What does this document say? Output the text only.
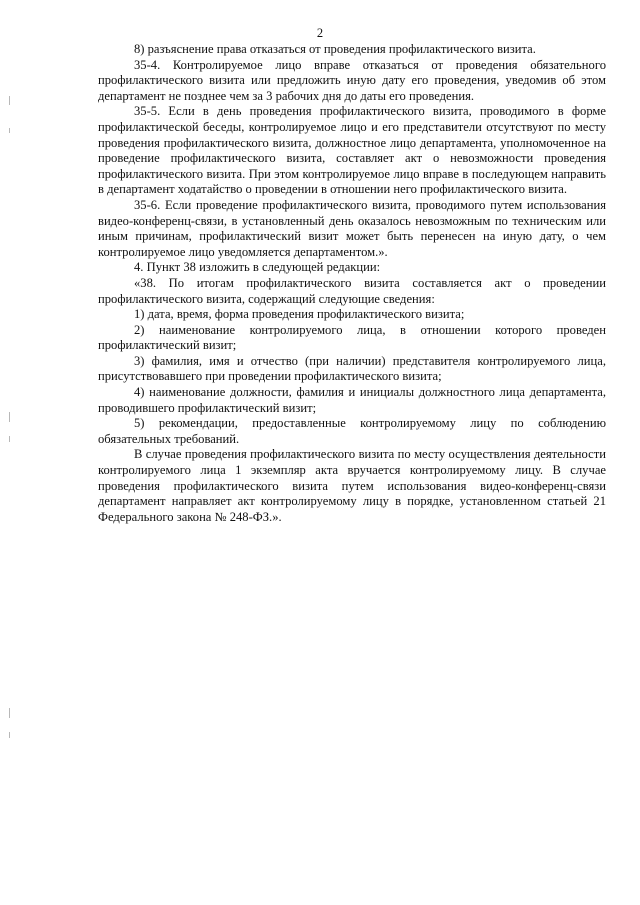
2

8) разъяснение права отказаться от проведения профилактического визита.

35-4. Контролируемое лицо вправе отказаться от проведения обязательного профилактического визита или предложить иную дату его проведения, уведомив об этом департамент не позднее чем за 3 рабочих дня до даты его проведения.

35-5. Если в день проведения профилактического визита, проводимого в форме профилактической беседы, контролируемое лицо и его представители отсутствуют по месту проведения профилактического визита, должностное лицо департамента, уполномоченное на проведение профилактического визита, составляет акт о невозможности проведения профилактического визита. При этом контролируемое лицо вправе в последующем направить в департамент ходатайство о проведении в отношении него профилактического визита.

35-6. Если проведение профилактического визита, проводимого путем использования видео-конференц-связи, в установленный день оказалось невозможным по техническим или иным причинам, профилактический визит может быть перенесен на иную дату, о чем контролируемое лицо уведомляется департаментом.».

4. Пункт 38 изложить в следующей редакции:

«38. По итогам профилактического визита составляется акт о проведении профилактического визита, содержащий следующие сведения:

1) дата, время, форма проведения профилактического визита;

2) наименование контролируемого лица, в отношении которого проведен профилактический визит;

3) фамилия, имя и отчество (при наличии) представителя контролируемого лица, присутствовавшего при проведении профилактического визита;

4) наименование должности, фамилия и инициалы должностного лица департамента, проводившего профилактический визит;

5) рекомендации, предоставленные контролируемому лицу по соблюдению обязательных требований.

В случае проведения профилактического визита по месту осуществления деятельности контролируемого лица 1 экземпляр акта вручается контролируемому лицу. В случае проведения профилактического визита путем использования видео-конференц-связи департамент направляет акт контролируемому лицу в порядке, установленном статьей 21 Федерального закона № 248-ФЗ.».
